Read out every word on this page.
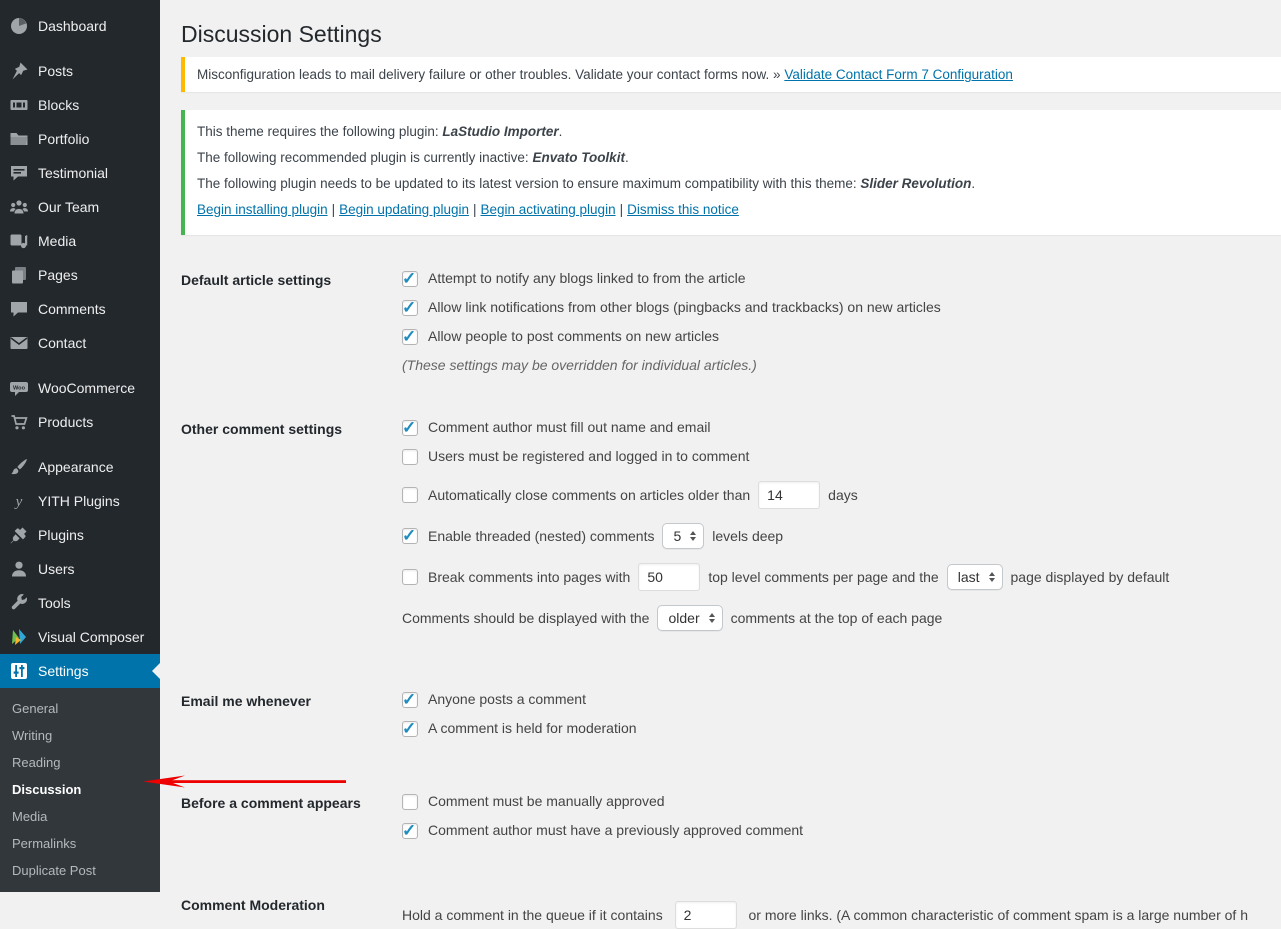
Dashboard
Posts
Blocks
Portfolio
Testimonial
Our Team
Media
Pages
Comments
Contact
Woo WooCommerce
Products
Appearance
y YITH Plugins
Plugins
Users
Tools
Visual Composer
Settings
General
Writing
Reading
Discussion
Media
Permalinks
Duplicate Post
Discussion Settings
Misconfiguration leads to mail delivery failure or other troubles. Validate your contact forms now. » Validate Contact Form 7 Configuration

This theme requires the following plugin: LaStudio Importer.

The following recommended plugin is currently inactive: Envato Toolkit.

The following plugin needs to be updated to its latest version to ensure maximum compatibility with this theme: Slider Revolution.

Begin installing plugin | Begin updating plugin | Begin activating plugin | Dismiss this notice

Default article settings ✓	Attempt to notify any blogs linked to from the article
✓
Allow link notifications from other blogs (pingbacks and trackbacks) on new articles
✓
Allow people to post comments on new articles

(These settings may be overridden for individual articles.)

Other comment settings ✓	Comment author must fill out name and email
Users must be registered and logged in to comment
Automatically close comments on articles older than
14	days
✓
Enable threaded (nested) comments 5 levels deep
Break comments into pages with
50	top level comments per page and the last page displayed by default
Comments should be displayed with the older comments at the top of each page
Email me whenever ✓	Anyone posts a comment
✓
A comment is held for moderation
Before a comment appears	Comment must be manually approved
✓
Comment author must have a previously approved comment
Comment Moderation
Hold a comment in the queue if it contains 2	or more links. (A common characteristic of comment spam is a large number of h
